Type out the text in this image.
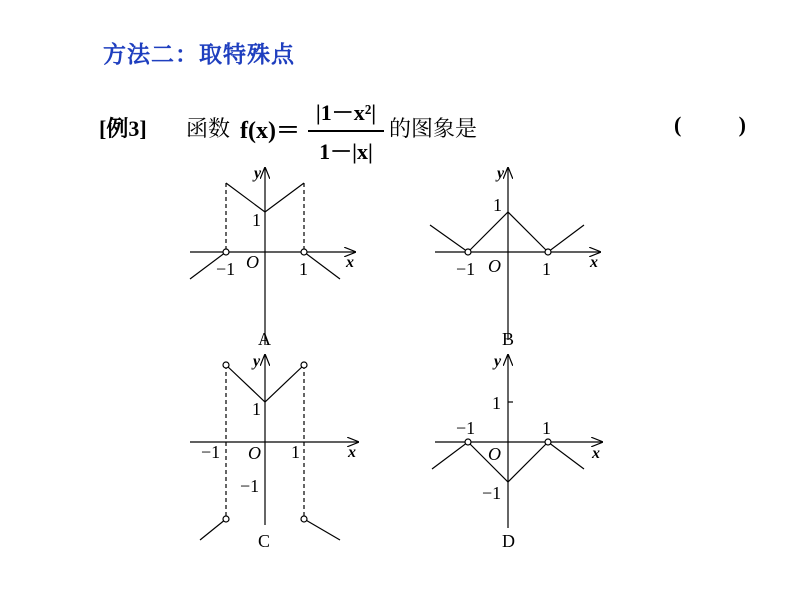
方法二：取特殊点
[例3] 函数 f(x)＝
|1－x²|
1－|x|
的图象是	(	)
y
x
O
1
−1	1
A
y
x
O
1
−1	1
B
y
x
O
1
−1	1
−1
C
y
x
O
1
−1	1
−1
D
